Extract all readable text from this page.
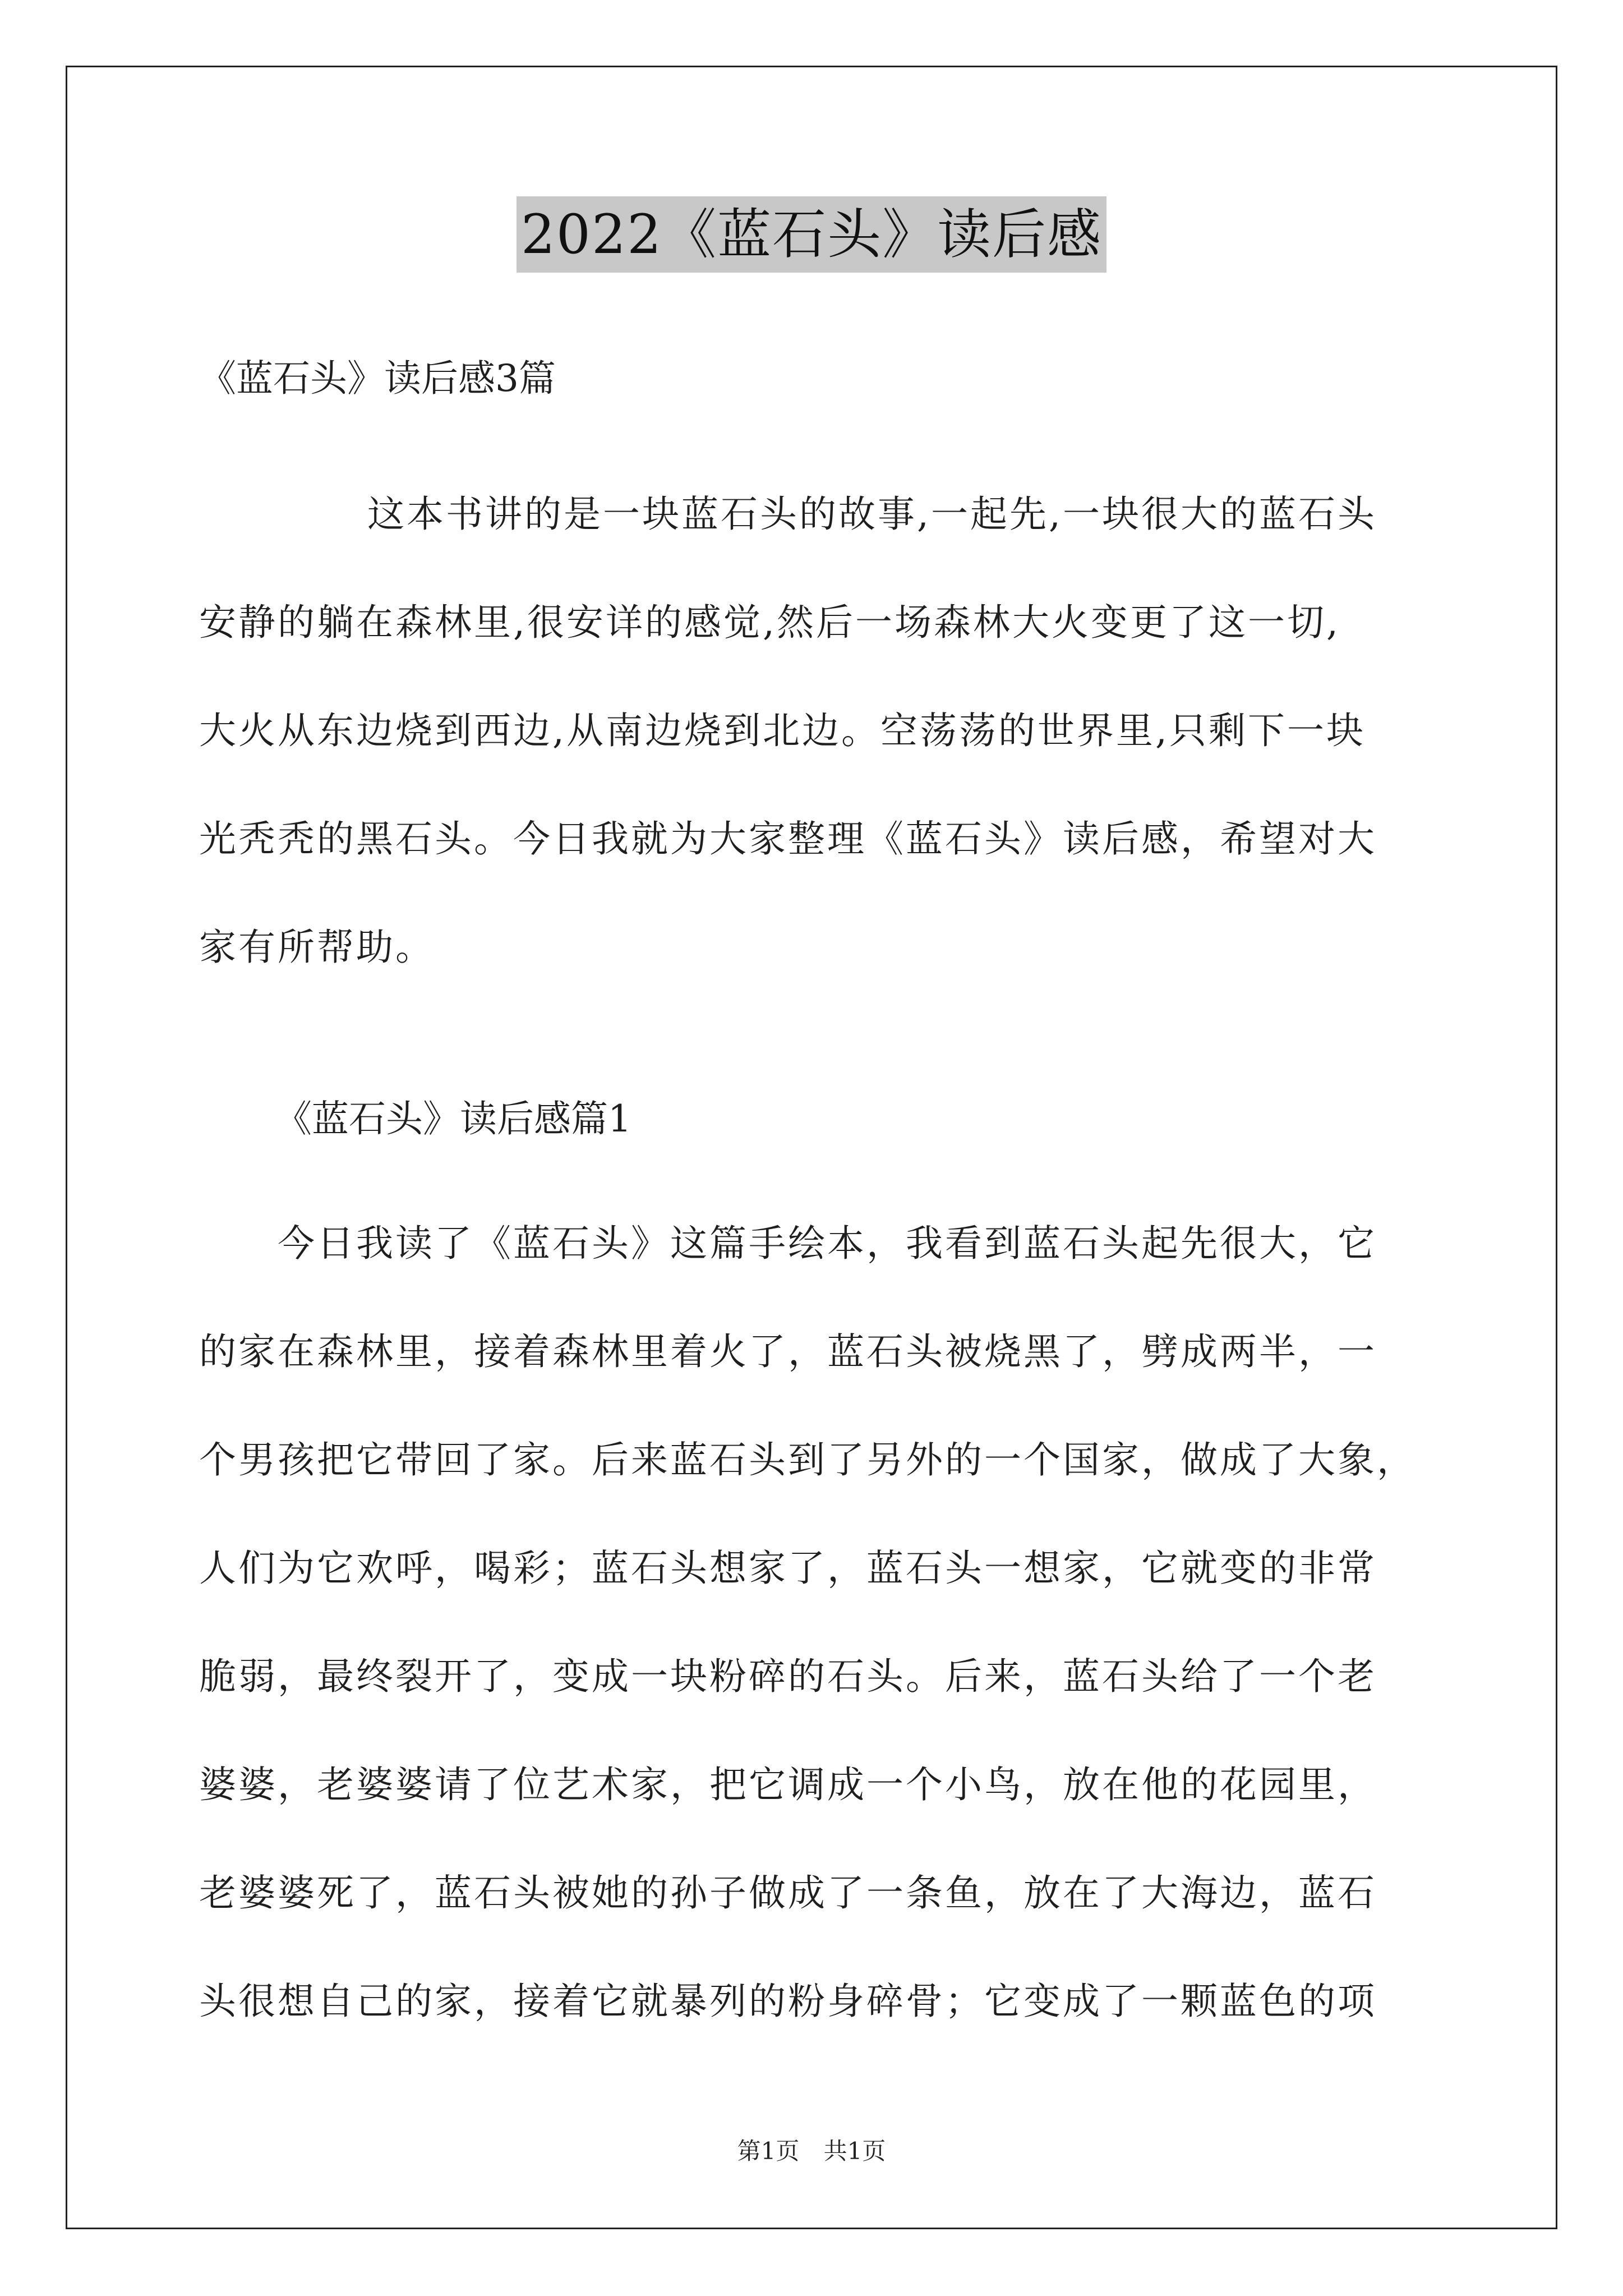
2022《蓝石头》读后感
《蓝石头》读后感3篇
这本书讲的是一块蓝石头的故事,一起先,一块很大的蓝石头
安静的躺在森林里,很安详的感觉,然后一场森林大火变更了这一切,
大火从东边烧到西边,从南边烧到北边。空荡荡的世界里,只剩下一块
光秃秃的黑石头。今日我就为大家整理《蓝石头》读后感，希望对大
家有所帮助。
《蓝石头》读后感篇1
今日我读了《蓝石头》这篇手绘本，我看到蓝石头起先很大，它
的家在森林里，接着森林里着火了，蓝石头被烧黑了，劈成两半，一
个男孩把它带回了家。后来蓝石头到了另外的一个国家，做成了大象，
人们为它欢呼，喝彩；蓝石头想家了，蓝石头一想家，它就变的非常
脆弱，最终裂开了，变成一块粉碎的石头。后来，蓝石头给了一个老
婆婆，老婆婆请了位艺术家，把它调成一个小鸟，放在他的花园里，
老婆婆死了，蓝石头被她的孙子做成了一条鱼，放在了大海边，蓝石
头很想自己的家，接着它就暴列的粉身碎骨；它变成了一颗蓝色的项
第1页 共1页
